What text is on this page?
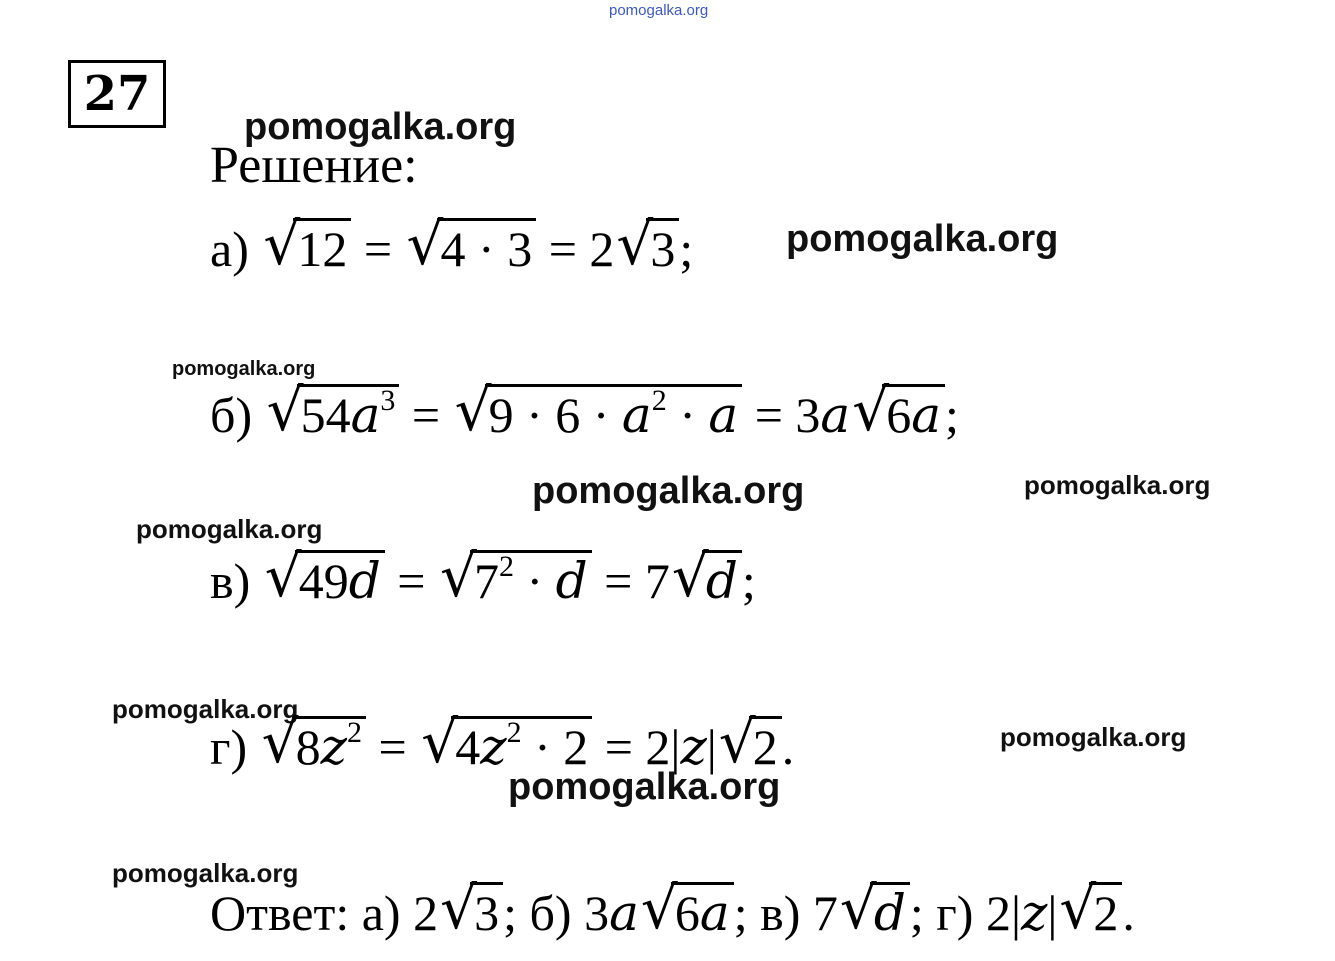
pomogalka.org
27
pomogalka.org
Решение:
а) √ 12 = √ 4 · 3 = 2√ 3; pomogalka.org
pomogalka.org
б) √ $54a^3$ = √ $9 \cdot 6 \cdot a^2 \cdot a = 3a√$ 6a;
pomogalka.org	pomogalka.org
pomogalka.org
в) √ 49d = √ $7^2 \cdot d = 7√$ d;
pomogalka.org
г) √ $8z^2$ = √ $4z^2 \cdot 2 = 2|z|√$ 2.	pomogalka.org
pomogalka.org
pomogalka.org
Ответ: а) 2√ 3; б) 3a√ 6a; в) 7√ d; г) 2|z|√ 2.
